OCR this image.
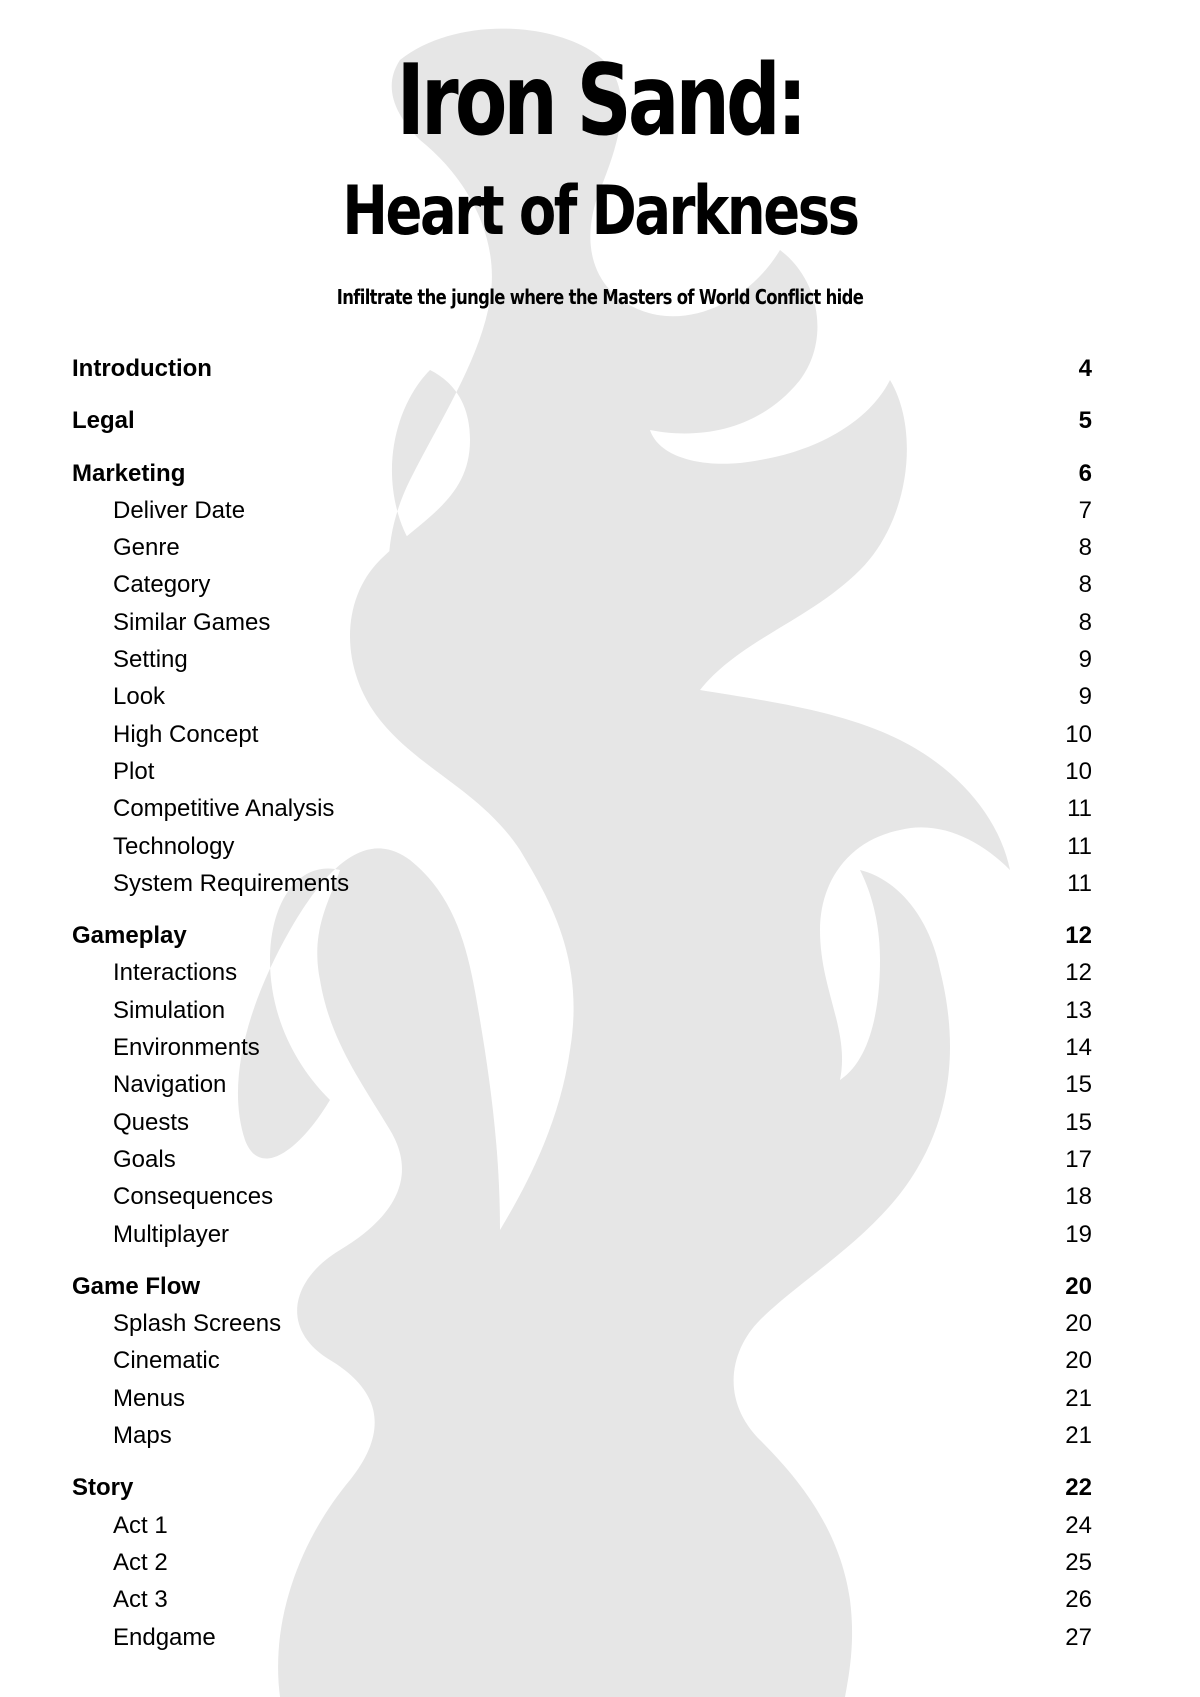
Iron Sand:
Heart of Darkness
Infiltrate the jungle where the Masters of World Conflict hide
Introduction	4
Legal	5
Marketing	6
Deliver Date	7
Genre	8
Category	8
Similar Games	8
Setting	9
Look	9
High Concept	10
Plot	10
Competitive Analysis	11
Technology	11
System Requirements	11
Gameplay	12
Interactions	12
Simulation	13
Environments	14
Navigation	15
Quests	15
Goals	17
Consequences	18
Multiplayer	19
Game Flow	20
Splash Screens	20
Cinematic	20
Menus	21
Maps	21
Story	22
Act 1	24
Act 2	25
Act 3	26
Endgame	27
